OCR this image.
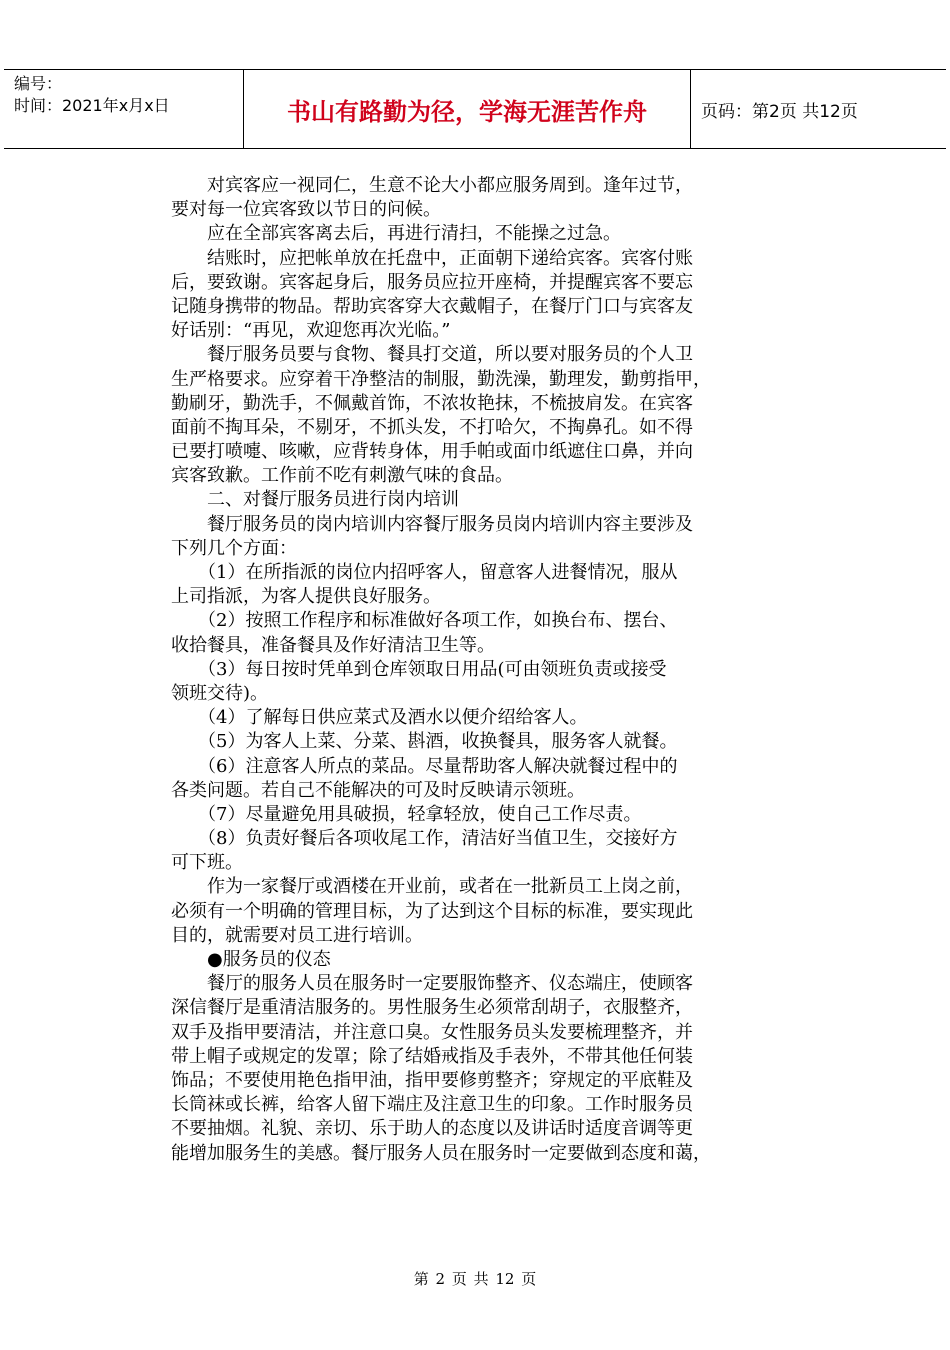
编号：
时间：2021年x月x日	书山有路勤为径，学海无涯苦作舟	页码：第2页 共12页
　　对宾客应一视同仁，生意不论大小都应服务周到。逢年过节，
要对每一位宾客致以节日的问候。
　　应在全部宾客离去后，再进行清扫，不能操之过急。
　　结账时，应把帐单放在托盘中，正面朝下递给宾客。宾客付账
后，要致谢。宾客起身后，服务员应拉开座椅，并提醒宾客不要忘
记随身携带的物品。帮助宾客穿大衣戴帽子，在餐厅门口与宾客友
好话别：“再见，欢迎您再次光临。”
　　餐厅服务员要与食物、餐具打交道，所以要对服务员的个人卫
生严格要求。应穿着干净整洁的制服，勤洗澡，勤理发，勤剪指甲，
勤刷牙，勤洗手，不佩戴首饰，不浓妆艳抹，不梳披肩发。在宾客
面前不掏耳朵，不剔牙，不抓头发，不打哈欠，不掏鼻孔。如不得
已要打喷嚏、咳嗽，应背转身体，用手帕或面巾纸遮住口鼻，并向
宾客致歉。工作前不吃有刺激气味的食品。
　　二、对餐厅服务员进行岗内培训
　　餐厅服务员的岗内培训内容餐厅服务员岗内培训内容主要涉及
下列几个方面：
　　（1）在所指派的岗位内招呼客人，留意客人进餐情况，服从
上司指派，为客人提供良好服务。
　　（2）按照工作程序和标准做好各项工作，如换台布、摆台、
收拾餐具，准备餐具及作好清洁卫生等。
　　（3）每日按时凭单到仓库领取日用品(可由领班负责或接受
领班交待)。
　　（4）了解每日供应菜式及酒水以便介绍给客人。
　　（5）为客人上菜、分菜、斟酒，收换餐具，服务客人就餐。
　　（6）注意客人所点的菜品。尽量帮助客人解决就餐过程中的
各类问题。若自己不能解决的可及时反映请示领班。
　　（7）尽量避免用具破损，轻拿轻放，使自己工作尽责。
　　（8）负责好餐后各项收尾工作，清洁好当值卫生，交接好方
可下班。
　　作为一家餐厅或酒楼在开业前，或者在一批新员工上岗之前，
必须有一个明确的管理目标，为了达到这个目标的标准，要实现此
目的，就需要对员工进行培训。
　　●服务员的仪态
　　餐厅的服务人员在服务时一定要服饰整齐、仪态端庄，使顾客
深信餐厅是重清洁服务的。男性服务生必须常刮胡子，衣服整齐，
双手及指甲要清洁，并注意口臭。女性服务员头发要梳理整齐，并
带上帽子或规定的发罩；除了结婚戒指及手表外，不带其他任何装
饰品；不要使用艳色指甲油，指甲要修剪整齐；穿规定的平底鞋及
长筒袜或长裤，给客人留下端庄及注意卫生的印象。工作时服务员
不要抽烟。礼貌、亲切、乐于助人的态度以及讲话时适度音调等更
能增加服务生的美感。餐厅服务人员在服务时一定要做到态度和蔼，
第 2 页 共 12 页
